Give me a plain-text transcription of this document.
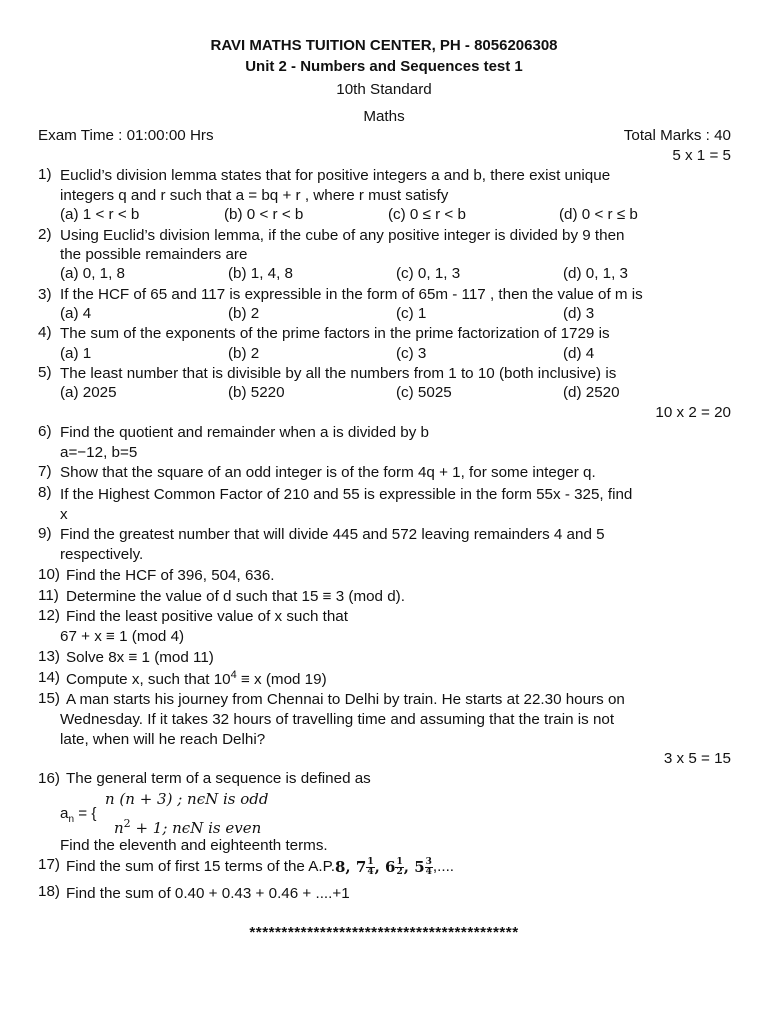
RAVI MATHS TUITION CENTER, PH - 8056206308
Unit 2 - Numbers and Sequences test 1
10th Standard
Maths
Exam Time : 01:00:00 Hrs	Total Marks : 40
5 x 1 = 5
1) Euclid’s division lemma states that for positive integers a and b, there exist unique
integers q and r such that a = bq + r , where r must satisfy
(a) 1 < r < b	(b) 0 < r < b	(c) 0 ≤ r < b	(d) 0 < r ≤ b
2) Using Euclid’s division lemma, if the cube of any positive integer is divided by 9 then
the possible remainders are
(a) 0, 1, 8	(b) 1, 4, 8	(c) 0, 1, 3	(d) 0, 1, 3
3) If the HCF of 65 and 117 is expressible in the form of 65m - 117 , then the value of m is
(a) 4	(b) 2	(c) 1	(d) 3
4) The sum of the exponents of the prime factors in the prime factorization of 1729 is
(a) 1	(b) 2	(c) 3	(d) 4
5) The least number that is divisible by all the numbers from 1 to 10 (both inclusive) is
(a) 2025	(b) 5220	(c) 5025	(d) 2520
10 x 2 = 20
6) Find the quotient and remainder when a is divided by b
a=−12, b=5
7) Show that the square of an odd integer is of the form 4q + 1, for some integer q.
8) If the Highest Common Factor of 210 and 55 is expressible in the form 55x - 325, find
x
9) Find the greatest number that will divide 445 and 572 leaving remainders 4 and 5
respectively.
10) Find the HCF of 396, 504, 636.
11) Determine the value of d such that 15 ≡ 3 (mod d).
12) Find the least positive value of x such that
67 + x ≡ 1 (mod 4)
13) Solve 8x ≡ 1 (mod 11)
14) Compute x, such that $10^4 \equiv x$ (mod 19)
15) A man starts his journey from Chennai to Delhi by train. He starts at 22.30 hours on
Wednesday. If it takes 32 hours of travelling time and assuming that the train is not
late, when will he reach Delhi?
3 x 5 = 15
16) The general term of a sequence is defined as
$a_n$ = {
n (n + 3) ; nϵN is odd
$n^2 + 1$; nϵN is even
Find the eleventh and eighteenth terms.
17) Find the sum of first 15 terms of the A.P.8, $7 \frac{1}{4}$ , $6 \frac{1}{2}$ , $5 \frac{3}{4}$ ,....
18) Find the sum of 0.40 + 0.43 + 0.46 + ....+1
******************************************
